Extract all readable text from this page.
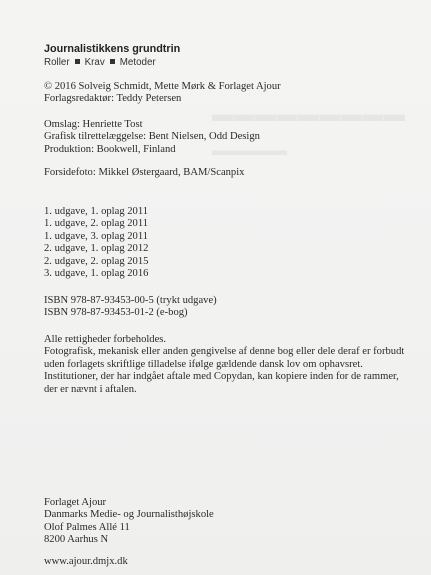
▬▬▬▬▬▬▬▬▬
▬▬▬▬▬
Journalistikkens grundtrin
Roller Krav Metoder
© 2016 Solveig Schmidt, Mette Mørk & Forlaget Ajour
Forlagsredaktør: Teddy Petersen
Omslag: Henriette Tost
Grafisk tilrettelæggelse: Bent Nielsen, Odd Design
Produktion: Bookwell, Finland
Forsidefoto: Mikkel Østergaard, BAM/Scanpix
1. udgave, 1. oplag 2011
1. udgave, 2. oplag 2011
1. udgave, 3. oplag 2011
2. udgave, 1. oplag 2012
2. udgave, 2. oplag 2015
3. udgave, 1. oplag 2016
ISBN 978-87-93453-00-5 (trykt udgave)
ISBN 978-87-93453-01-2 (e-bog)
Alle rettigheder forbeholdes.
Fotografisk, mekanisk eller anden gengivelse af denne bog eller dele deraf er forbudt
uden forlagets skriftlige tilladelse ifølge gældende dansk lov om ophavsret.
Institutioner, der har indgået aftale med Copydan, kan kopiere inden for de rammer,
der er nævnt i aftalen.
Forlaget Ajour
Danmarks Medie- og Journalisthøjskole
Olof Palmes Allé 11
8200 Aarhus N
www.ajour.dmjx.dk
